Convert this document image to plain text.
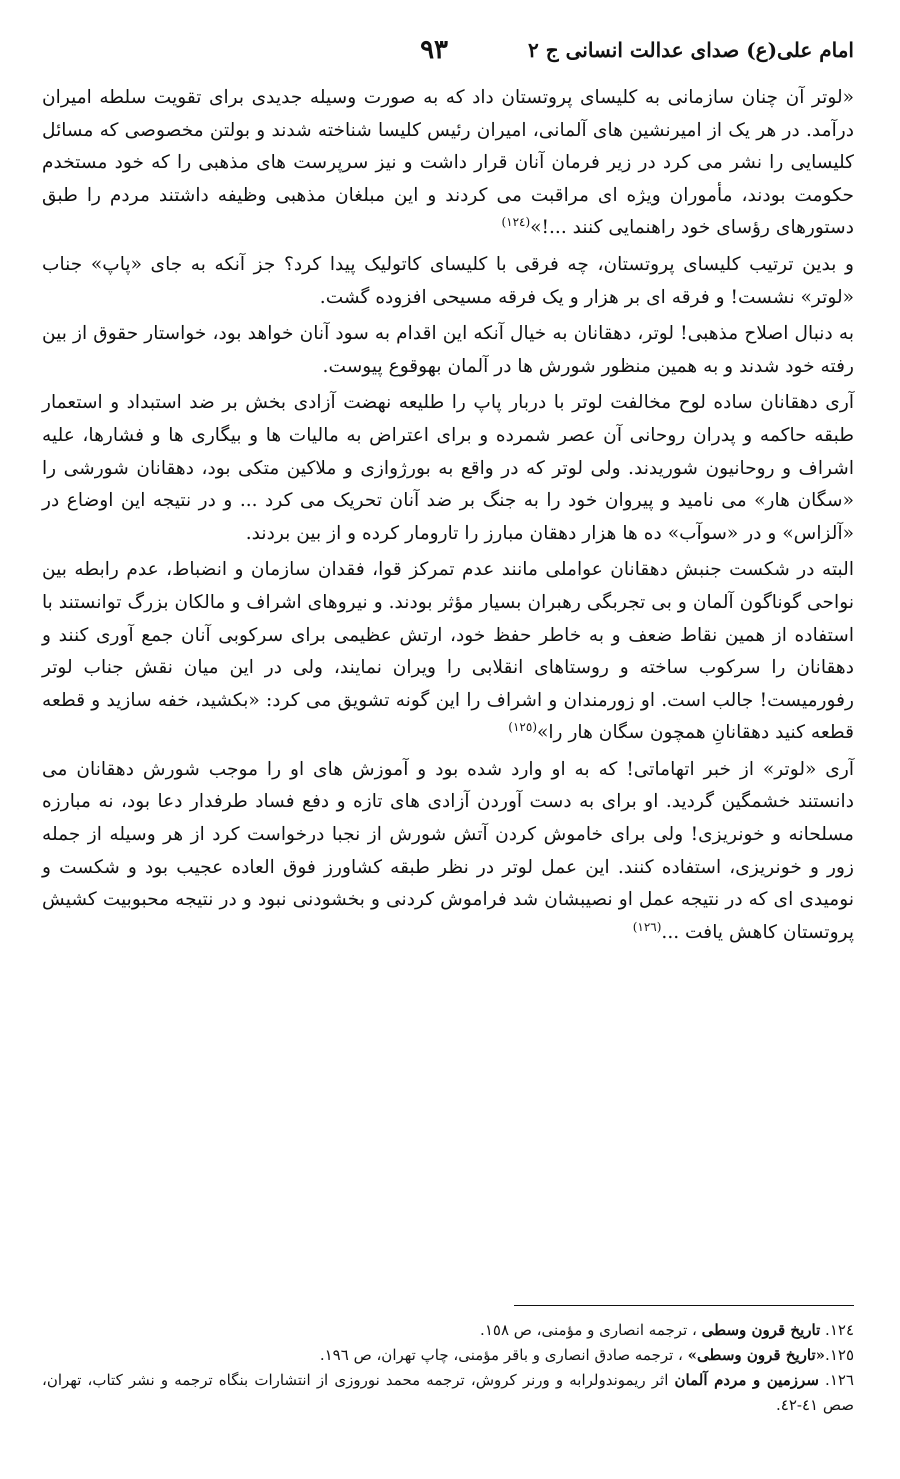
امام علی(ع) صدای عدالت انسانی ج ۲
۹۳

«لوتر آن چنان سازمانی به کلیسای پروتستان داد که به صورت وسیله جدیدی برای تقویت سلطه امیران درآمد. در هر یک از امیرنشین های آلمانی، امیران رئیس کلیسا شناخته شدند و بولتن مخصوصی که مسائل کلیسایی را نشر می کرد در زیر فرمان آنان قرار داشت و نیز سرپرست های مذهبی را که خود مستخدم حکومت بودند، مأموران ویژه ای مراقبت می کردند و این مبلغان مذهبی وظیفه داشتند مردم را طبق دستورهای رؤسای خود راهنمایی کنند ...!»$^{(۱۲٤)}$

و بدین ترتیب کلیسای پروتستان، چه فرقی با کلیسای کاتولیک پیدا کرد؟ جز آنکه به جای «پاپ» جناب «لوتر» نشست! و فرقه ای بر هزار و یک فرقه مسیحی افزوده گشت.

به دنبال اصلاح مذهبی! لوتر، دهقانان به خیال آنکه این اقدام به سود آنان خواهد بود، خواستار حقوق از بین رفته خود شدند و به همین منظور شورش ها در آلمان بهوقوع پیوست.

آری دهقانان ساده لوح مخالفت لوتر با دربار پاپ را طلیعه نهضت آزادی بخش بر ضد استبداد و استعمار طبقه حاکمه و پدران روحانی آن عصر شمرده و برای اعتراض به مالیات ها و بیگاری ها و فشارها، علیه اشراف و روحانیون شوریدند. ولی لوتر که در واقع به بورژوازی و ملاکین متکی بود، دهقانان شورشی را «سگان هار» می نامید و پیروان خود را به جنگ بر ضد آنان تحریک می کرد ... و در نتیجه این اوضاع در «آلزاس» و در «سوآب» ده ها هزار دهقان مبارز را تارومار کرده و از بین بردند.

البته در شکست جنبش دهقانان عواملی مانند عدم تمرکز قوا، فقدان سازمان و انضباط، عدم رابطه بین نواحی گوناگون آلمان و بی تجربگی رهبران بسیار مؤثر بودند. و نیروهای اشراف و مالکان بزرگ توانستند با استفاده از همین نقاط ضعف و به خاطر حفظ خود، ارتش عظیمی برای سرکوبی آنان جمع آوری کنند و دهقانان را سرکوب ساخته و روستاهای انقلابی را ویران نمایند، ولی در این میان نقش جناب لوتر رفورمیست! جالب است. او زورمندان و اشراف را این گونه تشویق می کرد: «بکشید، خفه سازید و قطعه قطعه کنید دهقانانِ همچون سگان هار را»$^{(۱۲٥)}$

آری «لوتر» از خبر اتهاماتی! که به او وارد شده بود و آموزش های او را موجب شورش دهقانان می دانستند خشمگین گردید. او برای به دست آوردن آزادی های تازه و دفع فساد طرفدار دعا بود، نه مبارزه مسلحانه و خونریزی! ولی برای خاموش کردن آتش شورش از نجبا درخواست کرد از هر وسیله از جمله زور و خونریزی، استفاده کنند. این عمل لوتر در نظر طبقه کشاورز فوق العاده عجیب بود و شکست و نومیدی ای که در نتیجه عمل او نصیبشان شد فراموش کردنی و بخشودنی نبود و در نتیجه محبوبیت کشیش پروتستان کاهش یافت ...$^{(۱۲٦)}$

۱۲٤. تاریخ قرون وسطی ، ترجمه انصاری و مؤمنی، ص ۱٥۸.

۱۲٥.«تاریخ قرون وسطی» ، ترجمه صادق انصاری و باقر مؤمنی، چاپ تهران، ص ۱۹٦.

۱۲٦. سرزمین و مردم آلمان اثر ریموندولرابه و ورنر کروش، ترجمه محمد نوروزی از انتشارات بنگاه ترجمه و نشر کتاب، تهران، صص ٤۱-٤۲.
